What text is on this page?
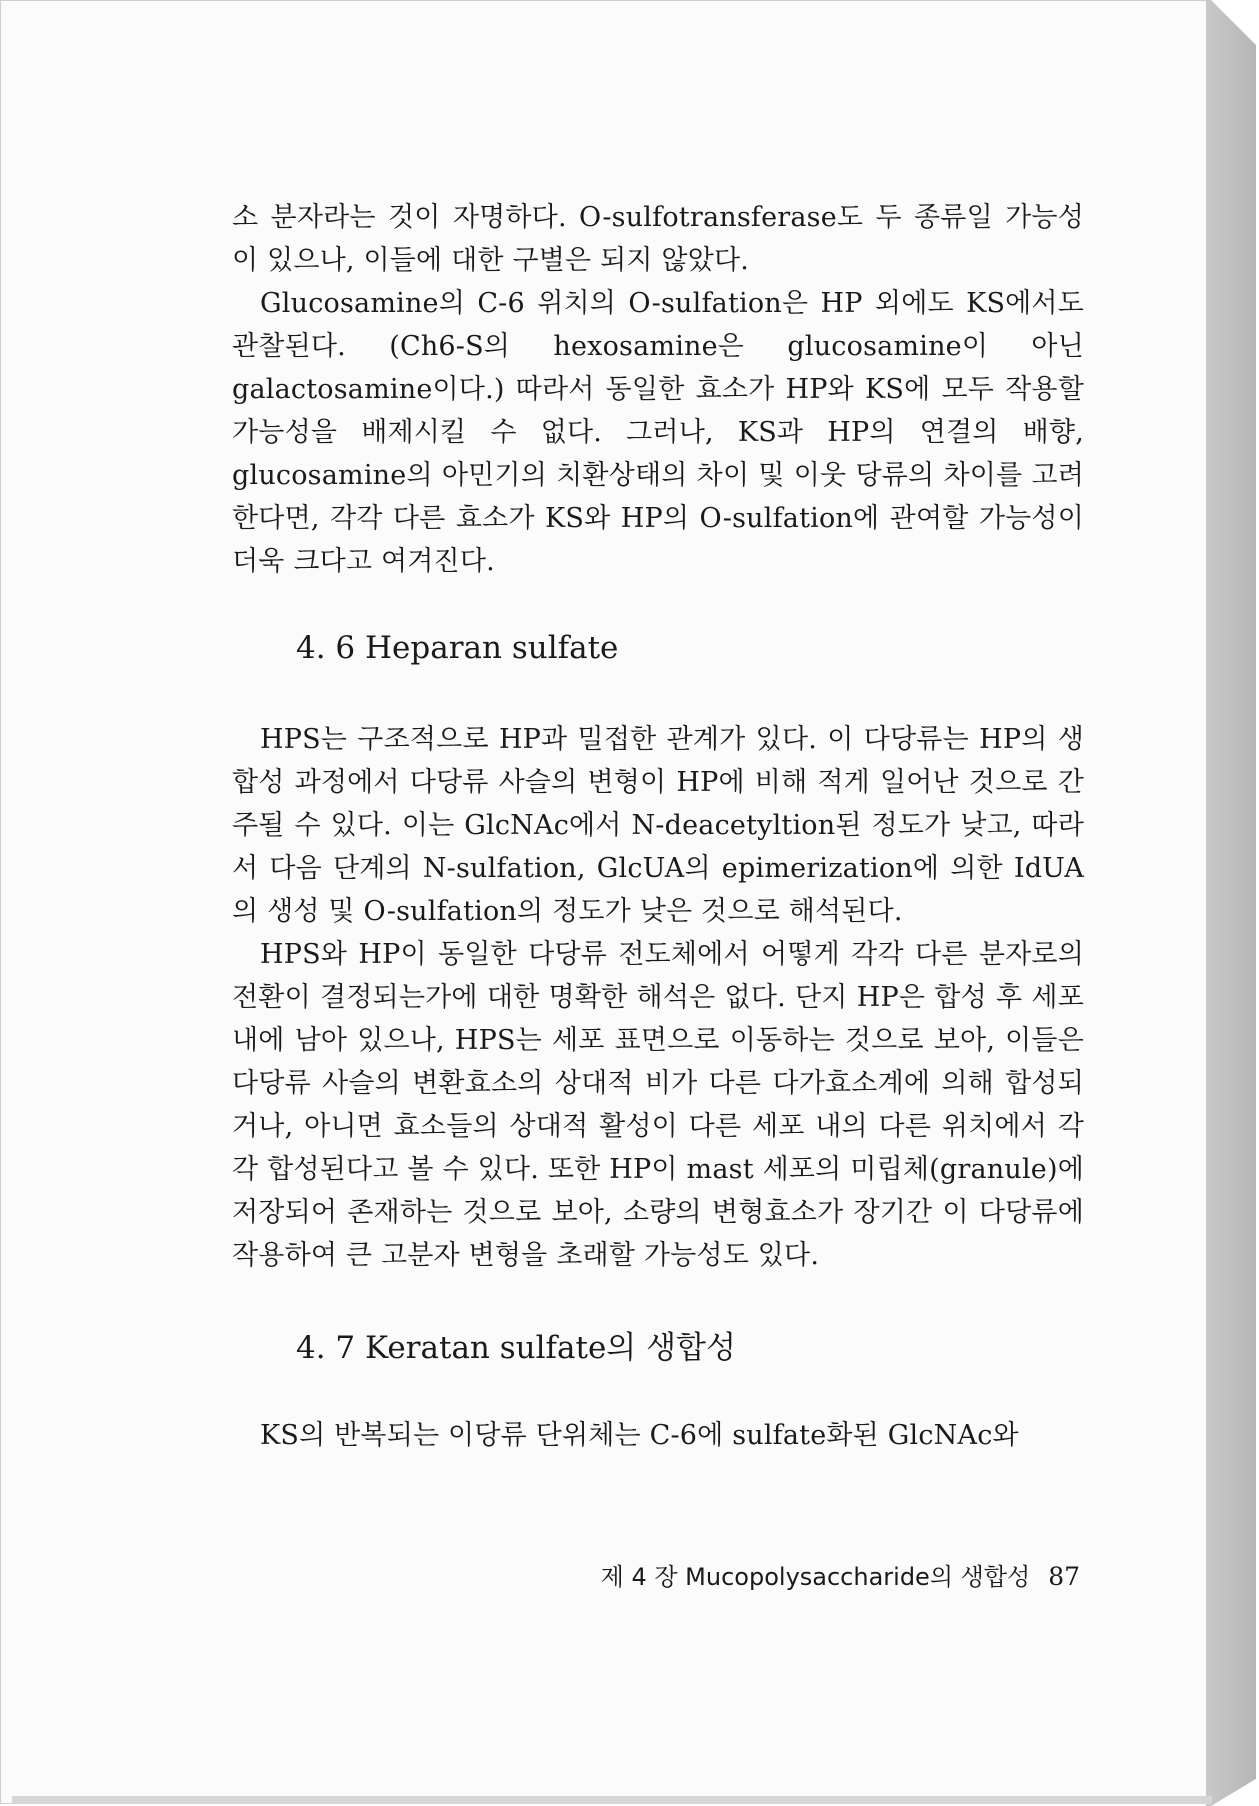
소 분자라는 것이 자명하다. O-sulfotransferase도 두 종류일 가능성이 있으나, 이들에 대한 구별은 되지 않았다.

Glucosamine의 C-6 위치의 O-sulfation은 HP 외에도 KS에서도 관찰된다. (Ch6-S의 hexosamine은 glucosamine이 아닌 galactosamine이다.) 따라서 동일한 효소가 HP와 KS에 모두 작용할 가능성을 배제시킬 수 없다. 그러나, KS과 HP의 연결의 배향, glucosamine의 아민기의 치환상태의 차이 및 이웃 당류의 차이를 고려한다면, 각각 다른 효소가 KS와 HP의 O-sulfation에 관여할 가능성이 더욱 크다고 여겨진다.

4. 6 Heparan sulfate

HPS는 구조적으로 HP과 밀접한 관계가 있다. 이 다당류는 HP의 생합성 과정에서 다당류 사슬의 변형이 HP에 비해 적게 일어난 것으로 간주될 수 있다. 이는 GlcNAc에서 N-deacetyltion된 정도가 낮고, 따라서 다음 단계의 N-sulfation, GlcUA의 epimerization에 의한 IdUA의 생성 및 O-sulfation의 정도가 낮은 것으로 해석된다.

HPS와 HP이 동일한 다당류 전도체에서 어떻게 각각 다른 분자로의 전환이 결정되는가에 대한 명확한 해석은 없다. 단지 HP은 합성 후 세포 내에 남아 있으나, HPS는 세포 표면으로 이동하는 것으로 보아, 이들은 다당류 사슬의 변환효소의 상대적 비가 다른 다가효소계에 의해 합성되거나, 아니면 효소들의 상대적 활성이 다른 세포 내의 다른 위치에서 각각 합성된다고 볼 수 있다. 또한 HP이 mast 세포의 미립체(granule)에 저장되어 존재하는 것으로 보아, 소량의 변형효소가 장기간 이 다당류에 작용하여 큰 고분자 변형을 초래할 가능성도 있다.

4. 7 Keratan sulfate의 생합성

KS의 반복되는 이당류 단위체는 C-6에 sulfate화된 GlcNAc와

제 4 장 Mucopolysaccharide의 생합성 87
